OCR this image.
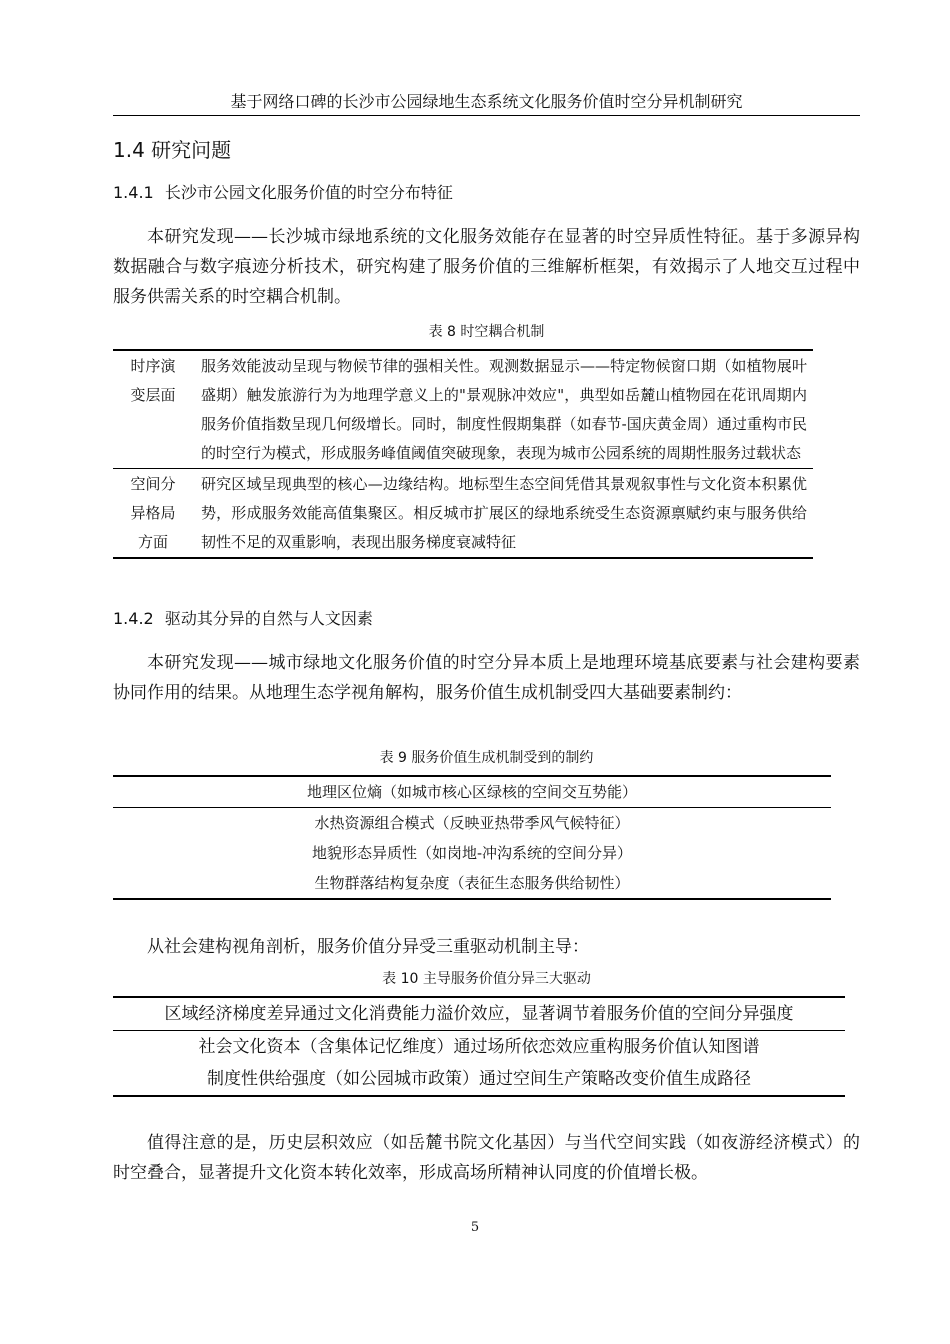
基于网络口碑的长沙市公园绿地生态系统文化服务价值时空分异机制研究
1.4 研究问题
1.4.1 长沙市公园文化服务价值的时空分布特征

本研究发现——长沙城市绿地系统的文化服务效能存在显著的时空异质性特征。基于多源异构数据融合与数字痕迹分析技术，研究构建了服务价值的三维解析框架，有效揭示了人地交互过程中服务供需关系的时空耦合机制。

表 8 时空耦合机制
时序演
变层面
服务效能波动呈现与物候节律的强相关性。观测数据显示——特定物候窗口期（如植物展叶盛期）触发旅游行为为地理学意义上的"景观脉冲效应"，典型如岳麓山植物园在花讯周期内服务价值指数呈现几何级增长。同时，制度性假期集群（如春节-国庆黄金周）通过重构市民的时空行为模式，形成服务峰值阈值突破现象，表现为城市公园系统的周期性服务过载状态
空间分
异格局
方面
研究区域呈现典型的核心—边缘结构。地标型生态空间凭借其景观叙事性与文化资本积累优势，形成服务效能高值集聚区。相反城市扩展区的绿地系统受生态资源禀赋约束与服务供给韧性不足的双重影响，表现出服务梯度衰减特征
1.4.2 驱动其分异的自然与人文因素

本研究发现——城市绿地文化服务价值的时空分异本质上是地理环境基底要素与社会建构要素协同作用的结果。从地理生态学视角解构，服务价值生成机制受四大基础要素制约：

表 9 服务价值生成机制受到的制约
地理区位熵（如城市核心区绿核的空间交互势能）
水热资源组合模式（反映亚热带季风气候特征）
地貌形态异质性（如岗地-冲沟系统的空间分异）
生物群落结构复杂度（表征生态服务供给韧性）

从社会建构视角剖析，服务价值分异受三重驱动机制主导：

表 10 主导服务价值分异三大驱动
区域经济梯度差异通过文化消费能力溢价效应，显著调节着服务价值的空间分异强度
社会文化资本（含集体记忆维度）通过场所依恋效应重构服务价值认知图谱
制度性供给强度（如公园城市政策）通过空间生产策略改变价值生成路径

值得注意的是，历史层积效应（如岳麓书院文化基因）与当代空间实践（如夜游经济模式）的时空叠合，显著提升文化资本转化效率，形成高场所精神认同度的价值增长极。

5
